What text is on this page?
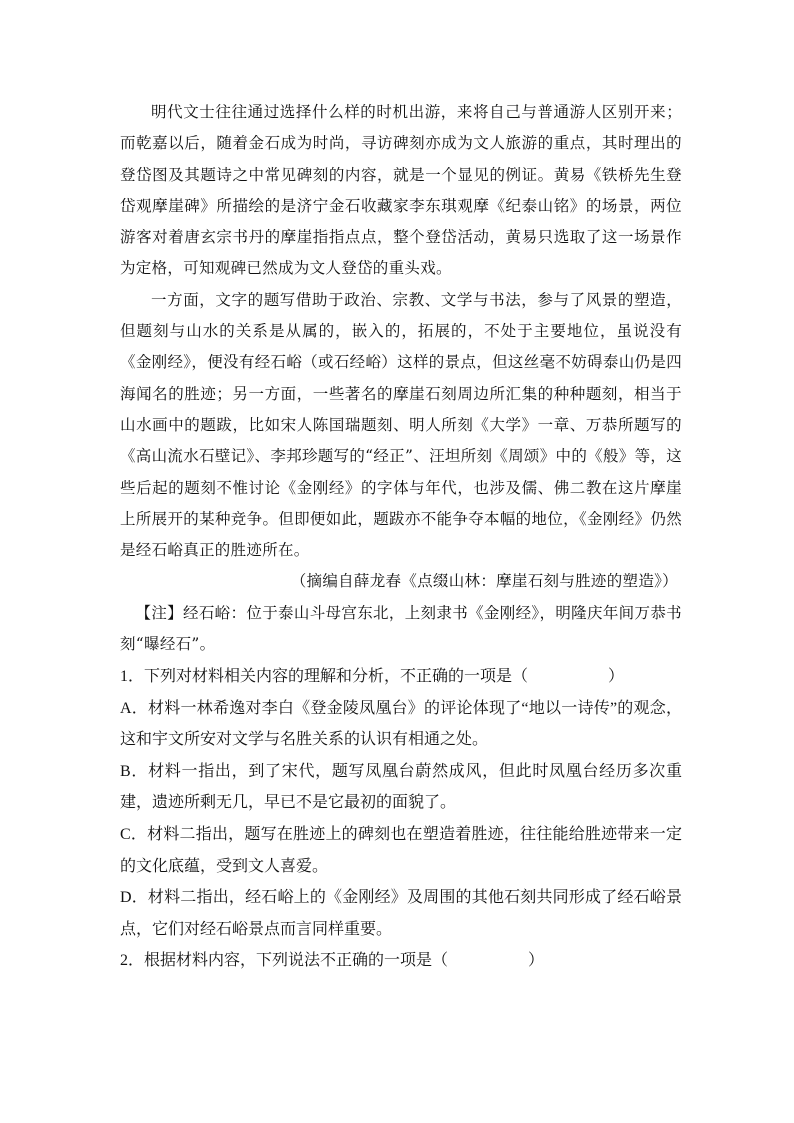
明代文士往往通过选择什么样的时机出游，来将自己与普通游人区别开来；而乾嘉以后，随着金石成为时尚，寻访碑刻亦成为文人旅游的重点，其时理出的登岱图及其题诗之中常见碑刻的内容，就是一个显见的例证。黄易《铁桥先生登岱观摩崖碑》所描绘的是济宁金石收藏家李东琪观摩《纪泰山铭》的场景，两位游客对着唐玄宗书丹的摩崖指指点点，整个登岱活动，黄易只选取了这一场景作为定格，可知观碑已然成为文人登岱的重头戏。

一方面，文字的题写借助于政治、宗教、文学与书法，参与了风景的塑造，但题刻与山水的关系是从属的，嵌入的，拓展的，不处于主要地位，虽说没有《金刚经》，便没有经石峪（或石经峪）这样的景点，但这丝毫不妨碍泰山仍是四海闻名的胜迹；另一方面，一些著名的摩崖石刻周边所汇集的种种题刻，相当于山水画中的题跋，比如宋人陈国瑞题刻、明人所刻《大学》一章、万恭所题写的《高山流水石壁记》、李邦珍题写的“经正”、汪坦所刻《周颂》中的《般》等，这些后起的题刻不惟讨论《金刚经》的字体与年代，也涉及儒、佛二教在这片摩崖上所展开的某种竞争。但即便如此，题跋亦不能争夺本幅的地位，《金刚经》仍然是经石峪真正的胜迹所在。

（摘编自薛龙春《点缀山林：摩崖石刻与胜迹的塑造》）

【注】经石峪：位于泰山斗母宫东北，上刻隶书《金刚经》，明隆庆年间万恭书刻“曝经石”。

1．下列对材料相关内容的理解和分析，不正确的一项是（	）

A．材料一林希逸对李白《登金陵凤凰台》的评论体现了“地以一诗传”的观念，这和宇文所安对文学与名胜关系的认识有相通之处。

B．材料一指出，到了宋代，题写凤凰台蔚然成风，但此时凤凰台经历多次重建，遗迹所剩无几，早已不是它最初的面貌了。

C．材料二指出，题写在胜迹上的碑刻也在塑造着胜迹，往往能给胜迹带来一定的文化底蕴，受到文人喜爱。

D．材料二指出，经石峪上的《金刚经》及周围的其他石刻共同形成了经石峪景点，它们对经石峪景点而言同样重要。

2．根据材料内容，下列说法不正确的一项是（	）
